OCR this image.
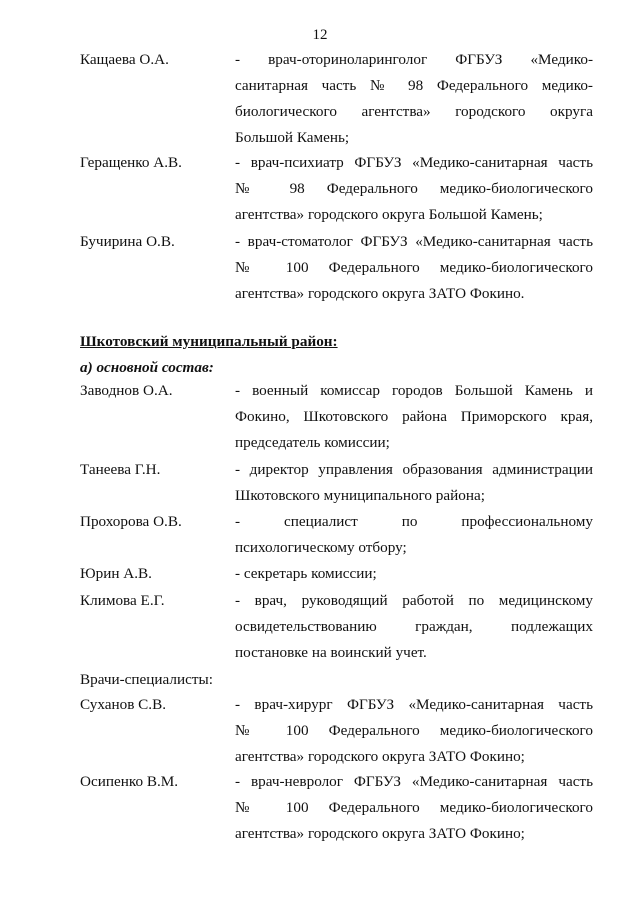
12
Кащаева О.А.	- врач-оториноларинголог ФГБУЗ «Медико-
санитарная часть № 98 Федерального медико-
биологического агентства» городского округа
Большой Камень;
Геращенко А.В.	- врач-психиатр ФГБУЗ «Медико-санитарная часть
№ 98 Федерального медико-биологического
агентства» городского округа Большой Камень;
Бучирина О.В.	- врач-стоматолог ФГБУЗ «Медико-санитарная часть
№ 100 Федерального медико-биологического
агентства» городского округа ЗАТО Фокино.
Шкотовский муниципальный район:
а) основной состав:
Заводнов О.А.	- военный комиссар городов Большой Камень и
Фокино, Шкотовского района Приморского края,
председатель комиссии;
Танеева Г.Н.	- директор управления образования администрации
Шкотовского муниципального района;
Прохорова О.В.	- специалист по профессиональному
психологическому отбору;
Юрин А.В.	- секретарь комиссии;
Климова Е.Г.	- врач, руководящий работой по медицинскому
освидетельствованию граждан, подлежащих
постановке на воинский учет.
Врачи-специалисты:
Суханов С.В.	- врач-хирург ФГБУЗ «Медико-санитарная часть
№ 100 Федерального медико-биологического
агентства» городского округа ЗАТО Фокино;
Осипенко В.М.	- врач-невролог ФГБУЗ «Медико-санитарная часть
№ 100 Федерального медико-биологического
агентства» городского округа ЗАТО Фокино;
